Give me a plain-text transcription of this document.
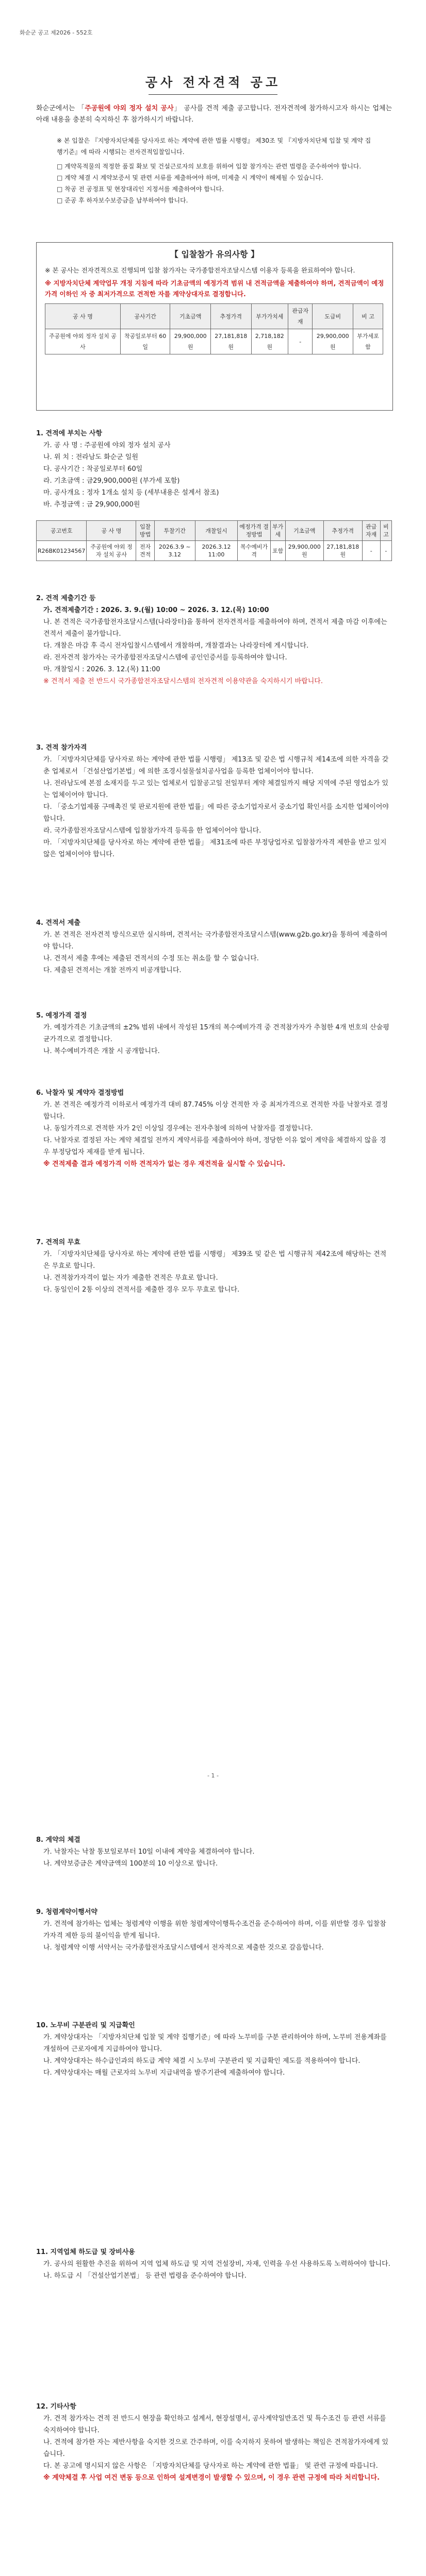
화순군 공고 제2026 - 552호
공사 전자견적 공고
화순군에서는 「주공원에 야외 정자 설치 공사」 공사를 견적 제출 공고합니다. 전자견적에 참가하시고자 하시는 업체는 아래 내용을 충분히 숙지하신 후 참가하시기 바랍니다.
※ 본 입찰은 『지방자치단체를 당사자로 하는 계약에 관한 법률 시행령』 제30조 및 『지방자치단체 입찰 및 계약 집행기준』에 따라 시행되는 전자견적입찰입니다.
□ 계약목적물의 적정한 품질 확보 및 건설근로자의 보호를 위하여 입찰 참가자는 관련 법령을 준수하여야 합니다.
□ 계약 체결 시 계약보증서 및 관련 서류를 제출하여야 하며, 미제출 시 계약이 해제될 수 있습니다.
□ 착공 전 공정표 및 현장대리인 지정서를 제출하여야 합니다.
□ 준공 후 하자보수보증금을 납부하여야 합니다.
【 입찰참가 유의사항 】
※ 본 공사는 전자견적으로 진행되며 입찰 참가자는 국가종합전자조달시스템 이용자 등록을 완료하여야 합니다.
※ 지방자치단체 계약업무 개정 지침에 따라 기초금액의 예정가격 범위 내 견적금액을 제출하여야 하며, 견적금액이 예정가격 이하인 자 중 최저가격으로 견적한 자를 계약상대자로 결정합니다.
공 사 명	공사기간	기초금액	추정가격	부가가치세	관급자재	도급비	비 고
주공원에 야외 정자 설치 공사	착공일로부터 60일	29,900,000원	27,181,818원	2,718,182원	-	29,900,000원	부가세포함
1. 견적에 부치는 사항
가. 공 사 명 : 주공원에 야외 정자 설치 공사
나. 위 치 : 전라남도 화순군 일원
다. 공사기간 : 착공일로부터 60일
라. 기초금액 : 금29,900,000원 (부가세 포함)
마. 공사개요 : 정자 1개소 설치 등 (세부내용은 설계서 참조)
바. 추정금액 : 금 29,900,000원
공고번호	공 사 명	입찰방법	투찰기간	개찰일시	예정가격 결정방법	부가세	기초금액	추정가격	관급자재	비고
R26BK01234567	주공원에 야외 정자 설치 공사	전자견적	2026.3.9 ~ 3.12	2026.3.12 11:00	복수예비가격	포함	29,900,000원	27,181,818원	-	-
2. 견적 제출기간 등
가. 견적제출기간 : 2026. 3. 9.(월) 10:00 ~ 2026. 3. 12.(목) 10:00
나. 본 견적은 국가종합전자조달시스템(나라장터)을 통하여 전자견적서를 제출하여야 하며, 견적서 제출 마감 이후에는 견적서 제출이 불가합니다.
다. 개찰은 마감 후 즉시 전자입찰시스템에서 개찰하며, 개찰결과는 나라장터에 게시합니다.
라. 전자견적 참가자는 국가종합전자조달시스템에 공인인증서를 등록하여야 합니다.
마. 개찰일시 : 2026. 3. 12.(목) 11:00
※ 견적서 제출 전 반드시 국가종합전자조달시스템의 전자견적 이용약관을 숙지하시기 바랍니다.
3. 견적 참가자격
가. 「지방자치단체를 당사자로 하는 계약에 관한 법률 시행령」 제13조 및 같은 법 시행규칙 제14조에 의한 자격을 갖춘 업체로서 「건설산업기본법」에 의한 조경시설물설치공사업을 등록한 업체이어야 합니다.
나. 전라남도에 본점 소재지를 두고 있는 업체로서 입찰공고일 전일부터 계약 체결일까지 해당 지역에 주된 영업소가 있는 업체이어야 합니다.
다. 「중소기업제품 구매촉진 및 판로지원에 관한 법률」에 따른 중소기업자로서 중소기업 확인서를 소지한 업체이어야 합니다.
라. 국가종합전자조달시스템에 입찰참가자격 등록을 한 업체이어야 합니다.
마. 「지방자치단체를 당사자로 하는 계약에 관한 법률」 제31조에 따른 부정당업자로 입찰참가자격 제한을 받고 있지 않은 업체이어야 합니다.
4. 견적서 제출
가. 본 견적은 전자견적 방식으로만 실시하며, 견적서는 국가종합전자조달시스템(www.g2b.go.kr)을 통하여 제출하여야 합니다.
나. 견적서 제출 후에는 제출된 견적서의 수정 또는 취소를 할 수 없습니다.
다. 제출된 견적서는 개찰 전까지 비공개합니다.
5. 예정가격 결정
가. 예정가격은 기초금액의 ±2% 범위 내에서 작성된 15개의 복수예비가격 중 견적참가자가 추첨한 4개 번호의 산술평균가격으로 결정합니다.
나. 복수예비가격은 개찰 시 공개합니다.
6. 낙찰자 및 계약자 결정방법
가. 본 견적은 예정가격 이하로서 예정가격 대비 87.745% 이상 견적한 자 중 최저가격으로 견적한 자를 낙찰자로 결정합니다.
나. 동일가격으로 견적한 자가 2인 이상일 경우에는 전자추첨에 의하여 낙찰자를 결정합니다.
다. 낙찰자로 결정된 자는 계약 체결일 전까지 계약서류를 제출하여야 하며, 정당한 이유 없이 계약을 체결하지 않을 경우 부정당업자 제재를 받게 됩니다.
※ 견적제출 결과 예정가격 이하 견적자가 없는 경우 재견적을 실시할 수 있습니다.
7. 견적의 무효
가. 「지방자치단체를 당사자로 하는 계약에 관한 법률 시행령」 제39조 및 같은 법 시행규칙 제42조에 해당하는 견적은 무효로 합니다.
나. 견적참가자격이 없는 자가 제출한 견적은 무효로 합니다.
다. 동일인이 2통 이상의 견적서를 제출한 경우 모두 무효로 합니다.
- 1 -
8. 계약의 체결
가. 낙찰자는 낙찰 통보일로부터 10일 이내에 계약을 체결하여야 합니다.
나. 계약보증금은 계약금액의 100분의 10 이상으로 합니다.
9. 청렴계약이행서약
가. 견적에 참가하는 업체는 청렴계약 이행을 위한 청렴계약이행특수조건을 준수하여야 하며, 이를 위반할 경우 입찰참가자격 제한 등의 불이익을 받게 됩니다.
나. 청렴계약 이행 서약서는 국가종합전자조달시스템에서 전자적으로 제출한 것으로 갈음합니다.
10. 노무비 구분관리 및 지급확인
가. 계약상대자는 「지방자치단체 입찰 및 계약 집행기준」에 따라 노무비를 구분 관리하여야 하며, 노무비 전용계좌를 개설하여 근로자에게 지급하여야 합니다.
나. 계약상대자는 하수급인과의 하도급 계약 체결 시 노무비 구분관리 및 지급확인 제도를 적용하여야 합니다.
다. 계약상대자는 매월 근로자의 노무비 지급내역을 발주기관에 제출하여야 합니다.
11. 지역업체 하도급 및 장비사용
가. 공사의 원활한 추진을 위하여 지역 업체 하도급 및 지역 건설장비, 자재, 인력을 우선 사용하도록 노력하여야 합니다.
나. 하도급 시 「건설산업기본법」 등 관련 법령을 준수하여야 합니다.
12. 기타사항
가. 견적 참가자는 견적 전 반드시 현장을 확인하고 설계서, 현장설명서, 공사계약일반조건 및 특수조건 등 관련 서류를 숙지하여야 합니다.
나. 견적에 참가한 자는 제반사항을 숙지한 것으로 간주하며, 이를 숙지하지 못하여 발생하는 책임은 견적참가자에게 있습니다.
다. 본 공고에 명시되지 않은 사항은 「지방자치단체를 당사자로 하는 계약에 관한 법률」 및 관련 규정에 따릅니다.
※ 계약체결 후 사업 여건 변동 등으로 인하여 설계변경이 발생할 수 있으며, 이 경우 관련 규정에 따라 처리합니다.
